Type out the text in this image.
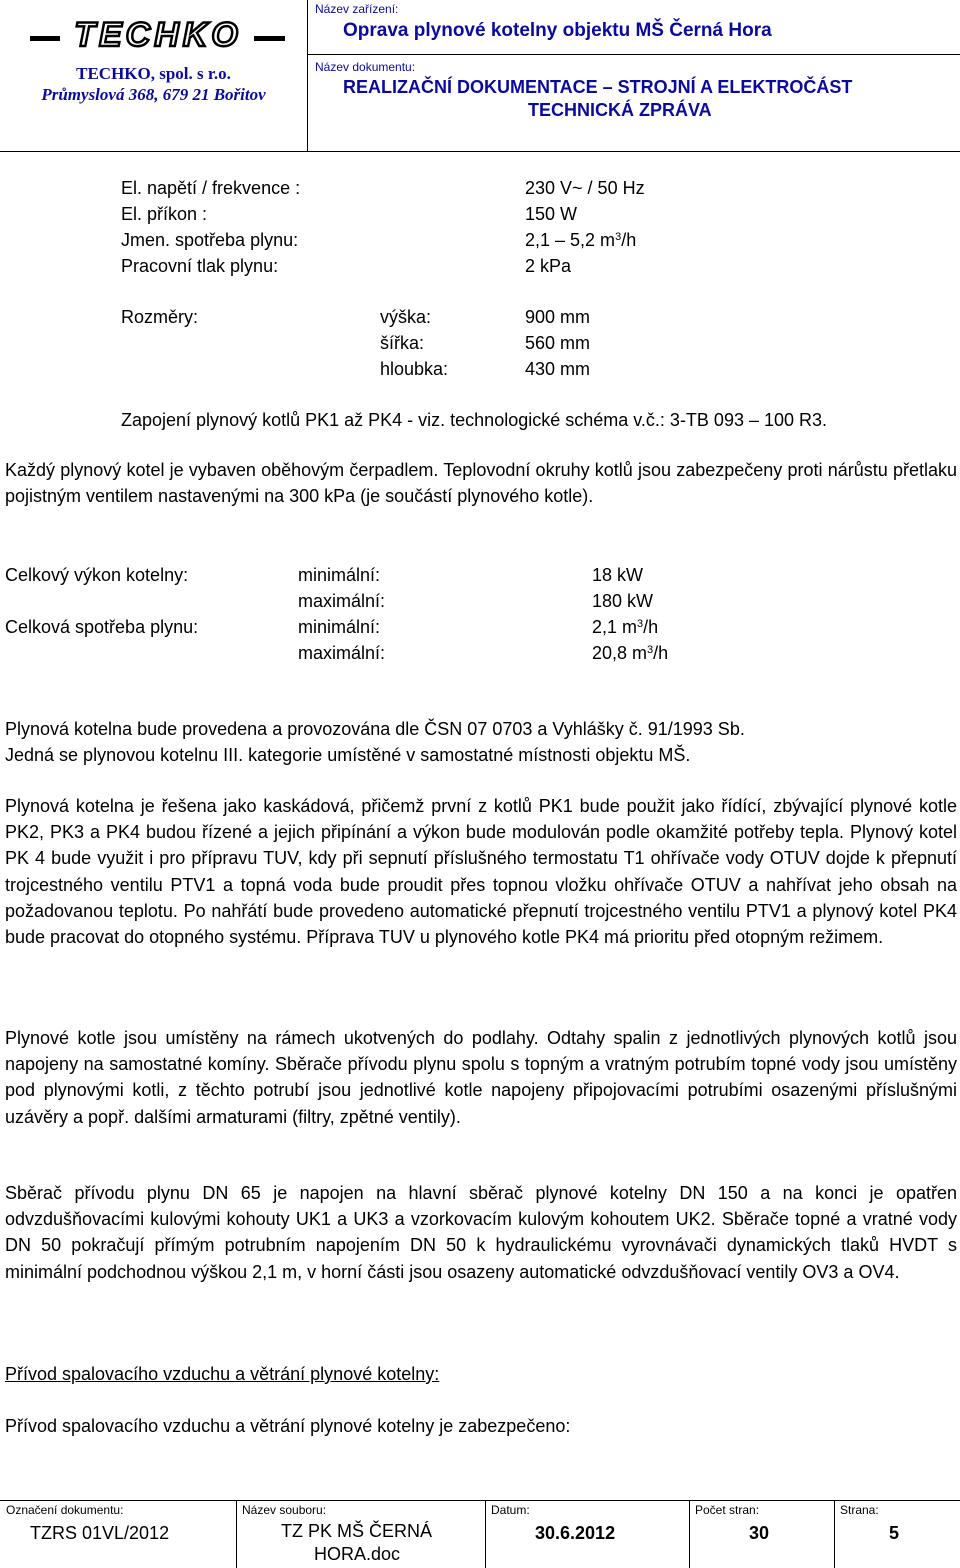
TECHKO
TECHKO, spol. s r.o.
Průmyslová 368, 679 21 Bořitov
Název zařízení:
Oprava plynové kotelny objektu MŠ Černá Hora
Název dokumentu:
REALIZAČNÍ DOKUMENTACE – STROJNÍ A ELEKTROČÁST
TECHNICKÁ ZPRÁVA
El. napětí / frekvence :	230 V~ / 50 Hz
El. příkon :	150 W
Jmen. spotřeba plynu:	2,1 – 5,2 $m^3/h$
Pracovní tlak plynu:	2 kPa
Rozměry:	výška:	900 mm
šířka:	560 mm
hloubka:	430 mm
Zapojení plynový kotlů PK1 až PK4 - viz. technologické schéma v.č.: 3-TB 093 – 100 R3.
Každý plynový kotel je vybaven oběhovým čerpadlem. Teplovodní okruhy kotlů jsou zabezpečeny proti nárůstu přetlaku pojistným ventilem nastavenými na 300 kPa (je součástí plynového kotle).
Celkový výkon kotelny:	minimální:	18 kW
maximální:	180 kW
Celková spotřeba plynu:	minimální:	2,1 $m^3/h$
maximální:	20,8 $m^3/h$
Plynová kotelna bude provedena a provozována dle ČSN 07 0703 a Vyhlášky č. 91/1993 Sb.
Jedná se plynovou kotelnu III. kategorie umístěné v samostatné místnosti objektu MŠ.
Plynová kotelna je řešena jako kaskádová, přičemž první z kotlů PK1 bude použit jako řídící, zbývající plynové kotle PK2, PK3 a PK4 budou řízené a jejich připínání a výkon bude modulován podle okamžité potřeby tepla. Plynový kotel PK 4 bude využit i pro přípravu TUV, kdy při sepnutí příslušného termostatu T1 ohřívače vody OTUV dojde k přepnutí trojcestného ventilu PTV1 a topná voda bude proudit přes topnou vložku ohřívače OTUV a nahřívat jeho obsah na požadovanou teplotu. Po nahřátí bude provedeno automatické přepnutí trojcestného ventilu PTV1 a plynový kotel PK4 bude pracovat do otopného systému. Příprava TUV u plynového kotle PK4 má prioritu před otopným režimem.
Plynové kotle jsou umístěny na rámech ukotvených do podlahy. Odtahy spalin z jednotlivých plynových kotlů jsou napojeny na samostatné komíny. Sběrače přívodu plynu spolu s topným a vratným potrubím topné vody jsou umístěny pod plynovými kotli, z těchto potrubí jsou jednotlivé kotle napojeny připojovacími potrubími osazenými příslušnými uzávěry a popř. dalšími armaturami (filtry, zpětné ventily).
Sběrač přívodu plynu DN 65 je napojen na hlavní sběrač plynové kotelny DN 150 a na konci je opatřen odvzdušňovacími kulovými kohouty UK1 a UK3 a vzorkovacím kulovým kohoutem UK2. Sběrače topné a vratné vody DN 50 pokračují přímým potrubním napojením DN 50 k hydraulickému vyrovnávači dynamických tlaků HVDT s minimální podchodnou výškou 2,1 m, v horní části jsou osazeny automatické odvzdušňovací ventily OV3 a OV4.
Přívod spalovacího vzduchu a větrání plynové kotelny:
Přívod spalovacího vzduchu a větrání plynové kotelny je zabezpečeno:
Označení dokumentu:
TZRS 01VL/2012
Název souboru:
TZ PK MŠ ČERNÁ
HORA.doc
Datum:
30.6.2012
Počet stran:
30
Strana:
5
